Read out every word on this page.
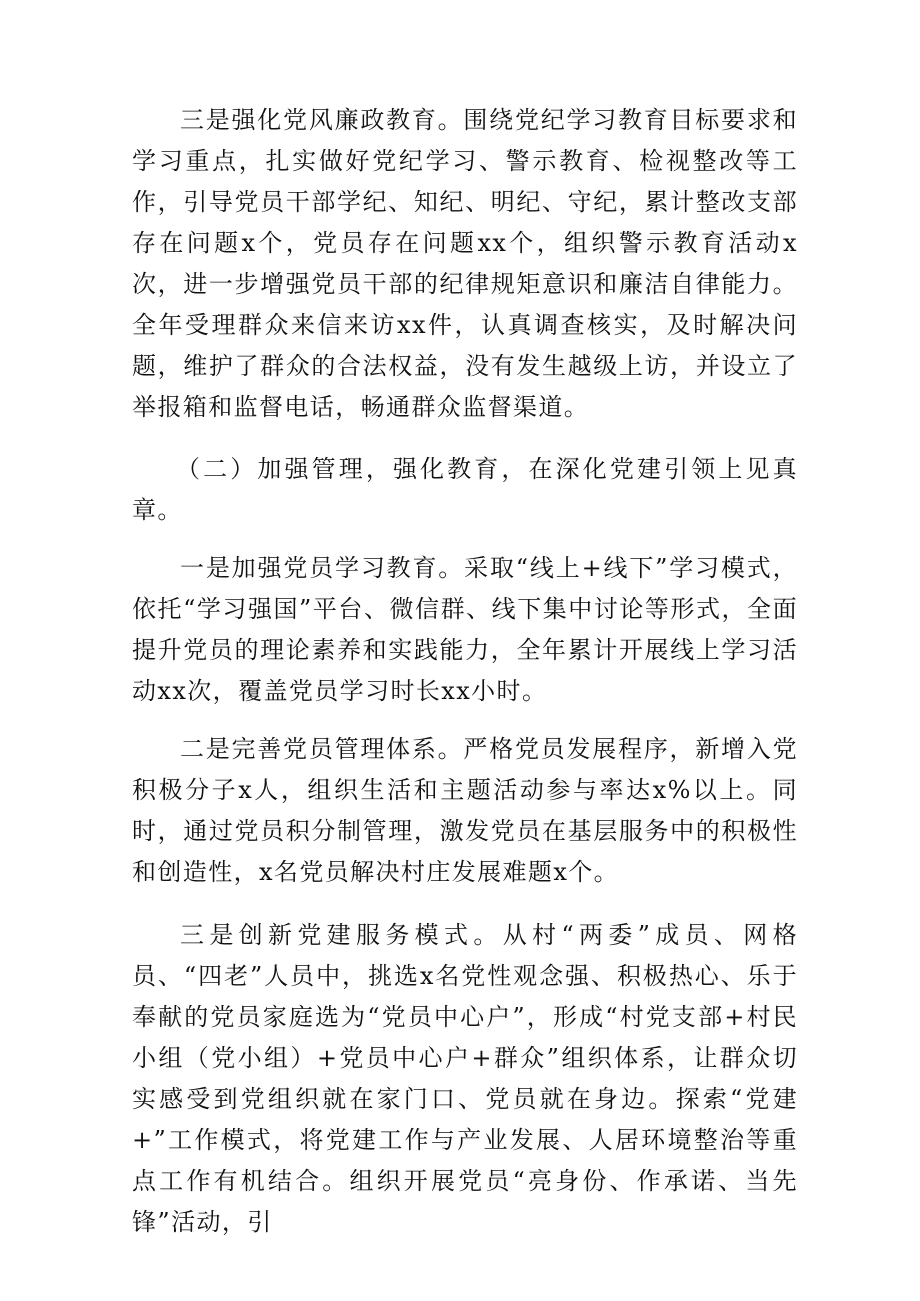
三是强化党风廉政教育。围绕党纪学习教育目标要求和学习重点，扎实做好党纪学习、警示教育、检视整改等工作，引导党员干部学纪、知纪、明纪、守纪，累计整改支部存在问题x个，党员存在问题xx个，组织警示教育活动x次，进一步增强党员干部的纪律规矩意识和廉洁自律能力。全年受理群众来信来访xx件，认真调查核实，及时解决问题，维护了群众的合法权益，没有发生越级上访，并设立了举报箱和监督电话，畅通群众监督渠道。

（二）加强管理，强化教育，在深化党建引领上见真章。

一是加强党员学习教育。采取“线上+线下”学习模式，依托“学习强国”平台、微信群、线下集中讨论等形式，全面提升党员的理论素养和实践能力，全年累计开展线上学习活动xx次，覆盖党员学习时长xx小时。

二是完善党员管理体系。严格党员发展程序，新增入党积极分子x人，组织生活和主题活动参与率达x%以上。同时，通过党员积分制管理，激发党员在基层服务中的积极性和创造性，x名党员解决村庄发展难题x个。

三是创新党建服务模式。从村“两委”成员、网格员、“四老”人员中，挑选x名党性观念强、积极热心、乐于奉献的党员家庭选为“党员中心户”，形成“村党支部+村民小组（党小组）+党员中心户+群众”组织体系，让群众切实感受到党组织就在家门口、党员就在身边。探索“党建+”工作模式，将党建工作与产业发展、人居环境整治等重点工作有机结合。组织开展党员“亮身份、作承诺、当先锋”活动，引
